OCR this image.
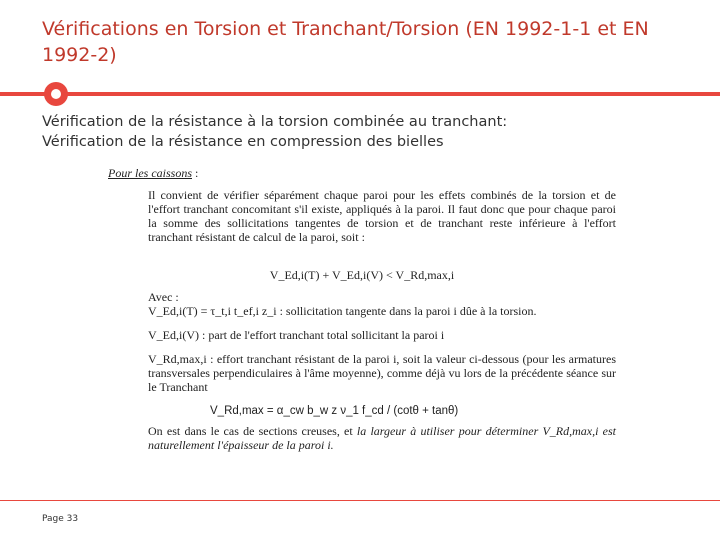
Vérifications en Torsion et Tranchant/Torsion (EN 1992-1-1 et EN 1992-2)
Vérification de la résistance à la torsion combinée au tranchant:
Vérification de la résistance en compression des bielles

Pour les caissons :

Il convient de vérifier séparément chaque paroi pour les effets combinés de la torsion et de l'effort tranchant concomitant s'il existe, appliqués à la paroi. Il faut donc que pour chaque paroi la somme des sollicitations tangentes de torsion et de tranchant reste inférieure à l'effort tranchant résistant de calcul de la paroi, soit :

V_Ed,i(T) + V_Ed,i(V) < V_Rd,max,i

Avec :

V_Ed,i(T) = τ_t,i t_ef,i z_i : sollicitation tangente dans la paroi i dûe à la torsion.

V_Ed,i(V) : part de l'effort tranchant total sollicitant la paroi i

V_Rd,max,i : effort tranchant résistant de la paroi i, soit la valeur ci-dessous (pour les armatures transversales perpendiculaires à l'âme moyenne), comme déjà vu lors de la précédente séance sur le Tranchant

V_Rd,max = α_cw b_w z ν_1 f_cd / (cotθ + tanθ)

On est dans le cas de sections creuses, et la largeur à utiliser pour déterminer V_Rd,max,i est naturellement l'épaisseur de la paroi i.

Page 33
